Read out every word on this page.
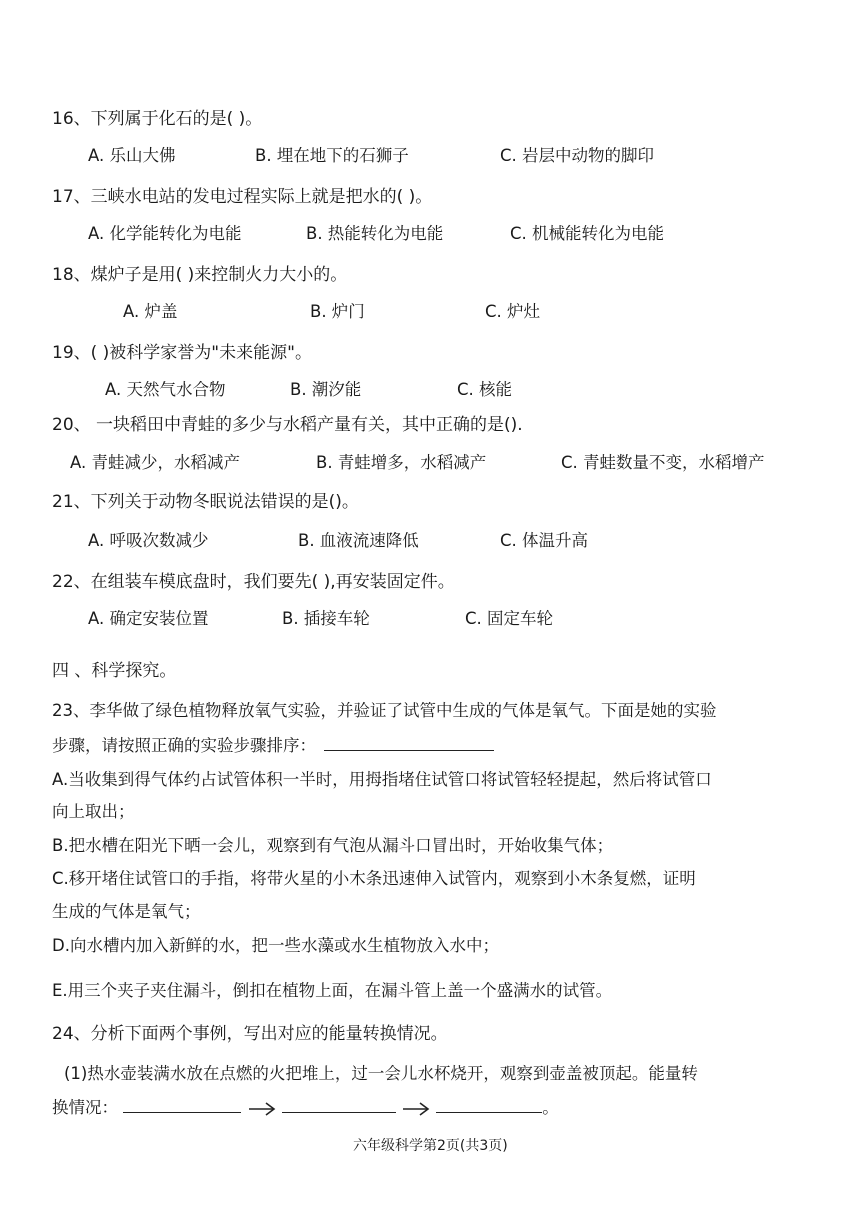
16、下列属于化石的是( )。
A. 乐山大佛	B. 埋在地下的石狮子	C. 岩层中动物的脚印
17、三峡水电站的发电过程实际上就是把水的( )。
A. 化学能转化为电能	B. 热能转化为电能	C. 机械能转化为电能
18、煤炉子是用( )来控制火力大小的。
A. 炉盖	B. 炉门	C. 炉灶
19、( )被科学家誉为"未来能源"。
A. 天然气水合物	B. 潮汐能	C. 核能
20、 一块稻田中青蛙的多少与水稻产量有关，其中正确的是().
A. 青蛙减少，水稻减产	B. 青蛙增多，水稻减产	C. 青蛙数量不变，水稻增产
21、下列关于动物冬眠说法错误的是()。
A. 呼吸次数减少	B. 血液流速降低	C. 体温升高
22、在组装车模底盘时，我们要先( ),再安装固定件。
A. 确定安装位置	B. 插接车轮	C. 固定车轮
四 、科学探究。
23、李华做了绿色植物释放氧气实验，并验证了试管中生成的气体是氧气。下面是她的实验
步骤，请按照正确的实验步骤排序：
A.当收集到得气体约占试管体积一半时，用拇指堵住试管口将试管轻轻提起，然后将试管口
向上取出；
B.把水槽在阳光下晒一会儿，观察到有气泡从漏斗口冒出时，开始收集气体；
C.移开堵住试管口的手指，将带火星的小木条迅速伸入试管内，观察到小木条复燃，证明
生成的气体是氧气；
D.向水槽内加入新鲜的水，把一些水藻或水生植物放入水中；
E.用三个夹子夹住漏斗，倒扣在植物上面，在漏斗管上盖一个盛满水的试管。
24、分析下面两个事例，写出对应的能量转换情况。
(1)热水壶装满水放在点燃的火把堆上，过一会儿水杯烧开，观察到壶盖被顶起。能量转
换情况：	。
六年级科学第2页(共3页)
